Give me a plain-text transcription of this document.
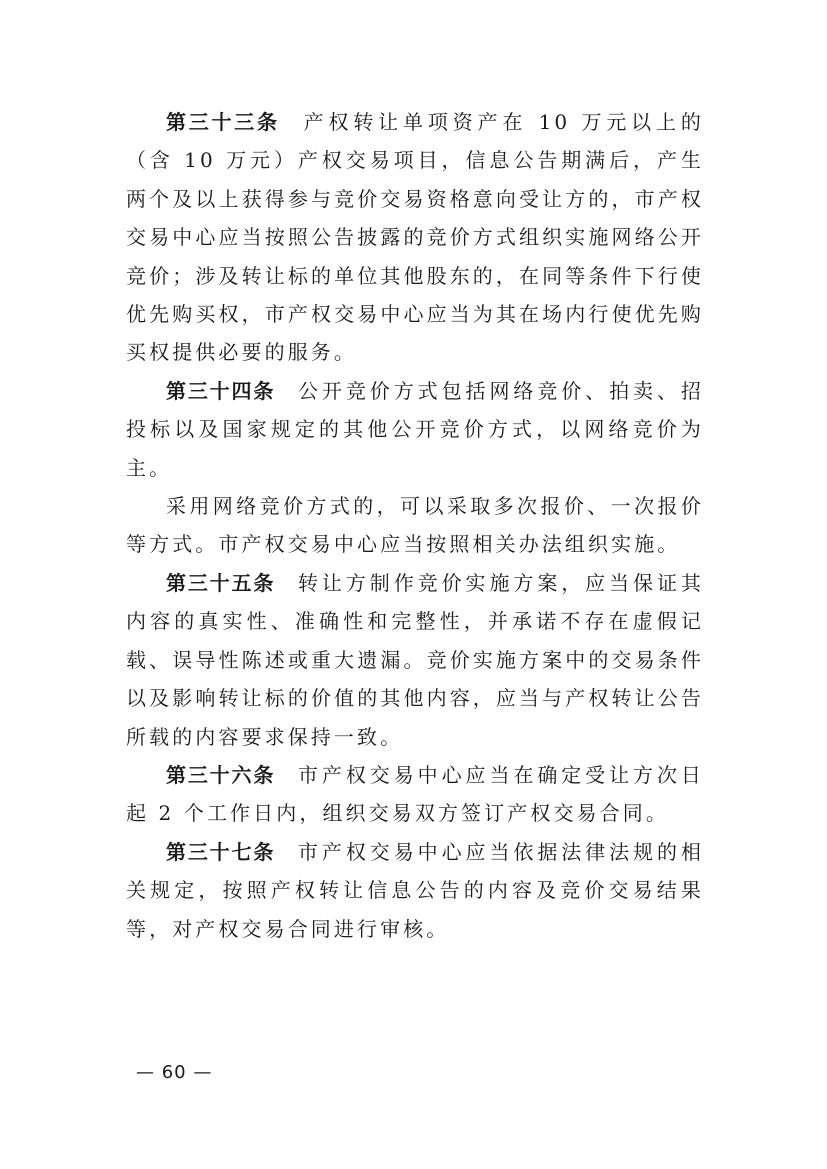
第三十三条 产权转让单项资产在 10 万元以上的（含 10 万元）产权交易项目，信息公告期满后，产生两个及以上获得参与竞价交易资格意向受让方的，市产权交易中心应当按照公告披露的竞价方式组织实施网络公开竞价；涉及转让标的单位其他股东的，在同等条件下行使优先购买权，市产权交易中心应当为其在场内行使优先购买权提供必要的服务。

第三十四条 公开竞价方式包括网络竞价、拍卖、招投标以及国家规定的其他公开竞价方式，以网络竞价为主。

采用网络竞价方式的，可以采取多次报价、一次报价等方式。市产权交易中心应当按照相关办法组织实施。

第三十五条 转让方制作竞价实施方案，应当保证其内容的真实性、准确性和完整性，并承诺不存在虚假记载、误导性陈述或重大遗漏。竞价实施方案中的交易条件以及影响转让标的价值的其他内容，应当与产权转让公告所载的内容要求保持一致。

第三十六条 市产权交易中心应当在确定受让方次日起 2 个工作日内，组织交易双方签订产权交易合同。

第三十七条 市产权交易中心应当依据法律法规的相关规定，按照产权转让信息公告的内容及竞价交易结果等，对产权交易合同进行审核。

— 60 —
